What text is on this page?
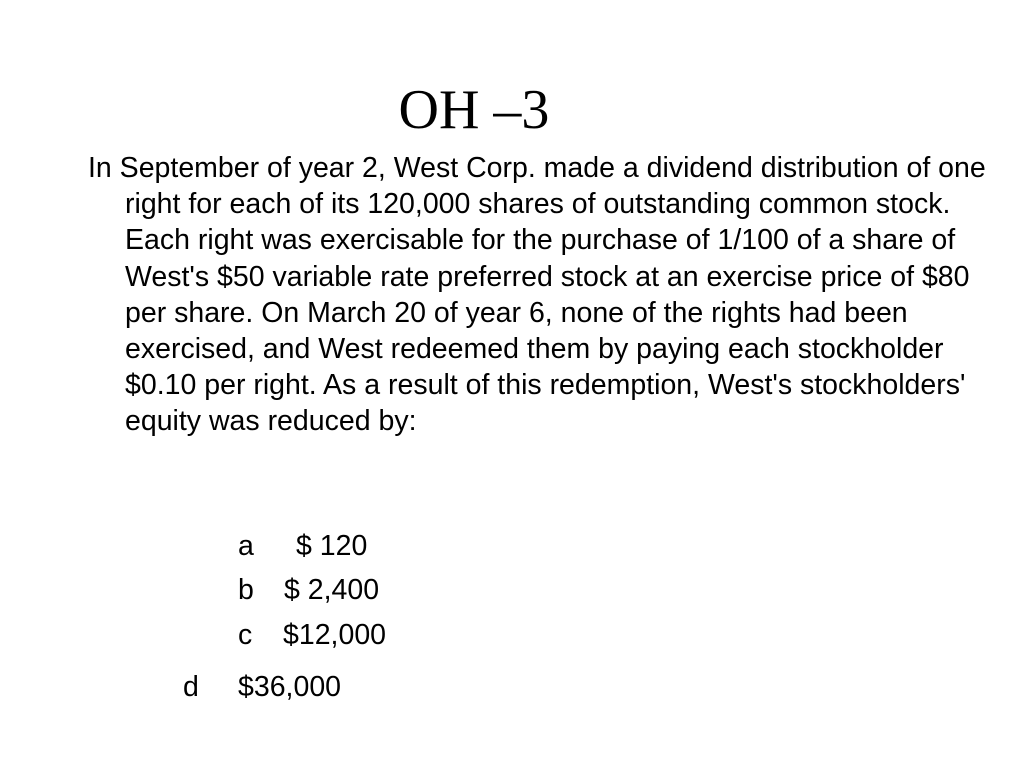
OH –3

In September of year 2, West Corp. made a dividend distribution of one right for each of its 120,000 shares of outstanding common stock. Each right was exercisable for the purchase of 1/100 of a share of West's $50 variable rate preferred stock at an exercise price of $80 per share. On March 20 of year 6, none of the rights had been exercised, and West redeemed them by paying each stockholder $0.10 per right. As a result of this redemption, West's stockholders' equity was reduced by:

a $ 120
b $ 2,400
c $12,000
d $36,000
